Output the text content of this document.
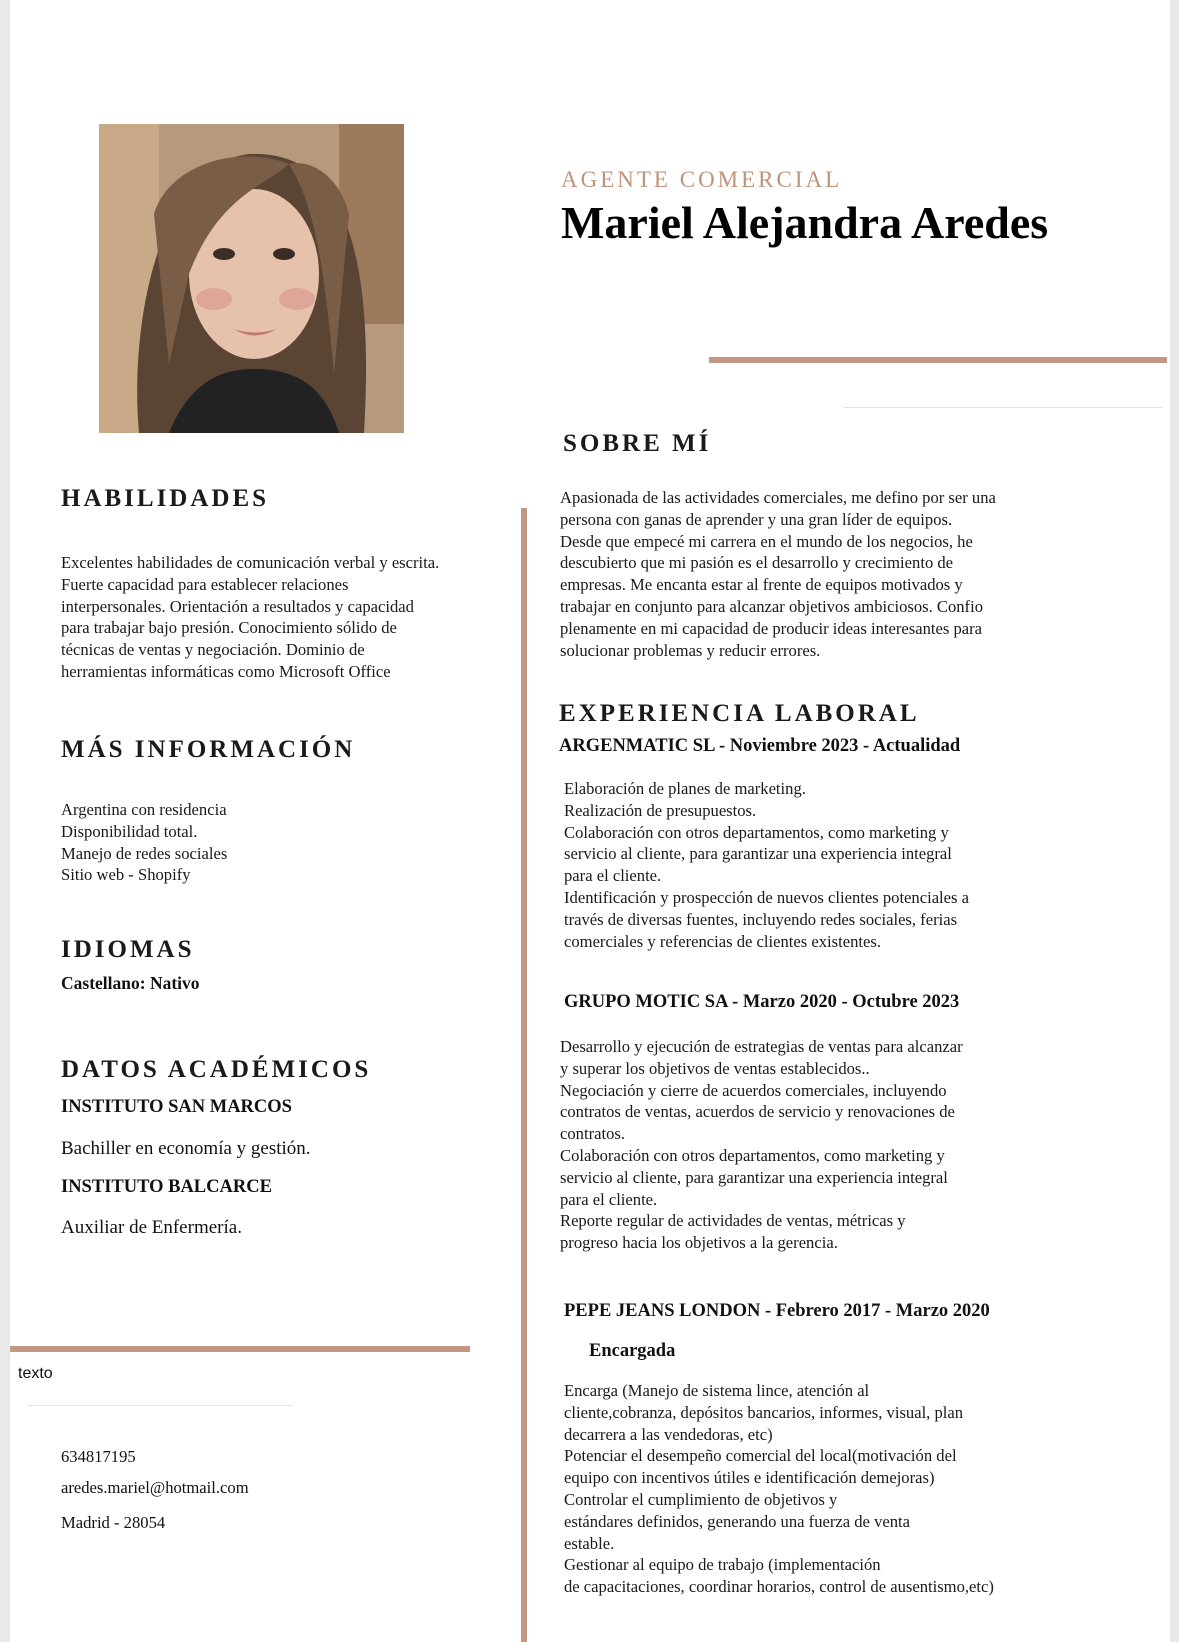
AGENTE COMERCIAL
Mariel Alejandra Aredes
HABILIDADES
Excelentes habilidades de comunicación verbal y escrita.
Fuerte capacidad para establecer relaciones
interpersonales. Orientación a resultados y capacidad
para trabajar bajo presión. Conocimiento sólido de
técnicas de ventas y negociación. Dominio de
herramientas informáticas como Microsoft Office
MÁS INFORMACIÓN
Argentina con residencia
Disponibilidad total.
Manejo de redes sociales
Sitio web - Shopify
IDIOMAS
Castellano: Nativo
DATOS ACADÉMICOS
INSTITUTO SAN MARCOS
Bachiller en economía y gestión.
INSTITUTO BALCARCE
Auxiliar de Enfermería.
texto
634817195
aredes.mariel@hotmail.com
Madrid - 28054
SOBRE MÍ
Apasionada de las actividades comerciales, me defino por ser una
persona con ganas de aprender y una gran líder de equipos.
Desde que empecé mi carrera en el mundo de los negocios, he
descubierto que mi pasión es el desarrollo y crecimiento de
empresas. Me encanta estar al frente de equipos motivados y
trabajar en conjunto para alcanzar objetivos ambiciosos. Confio
plenamente en mi capacidad de producir ideas interesantes para
solucionar problemas y reducir errores.
EXPERIENCIA LABORAL
ARGENMATIC SL - Noviembre 2023 - Actualidad
Elaboración de planes de marketing.
Realización de presupuestos.
Colaboración con otros departamentos, como marketing y
servicio al cliente, para garantizar una experiencia integral
para el cliente.
Identificación y prospección de nuevos clientes potenciales a
través de diversas fuentes, incluyendo redes sociales, ferias
comerciales y referencias de clientes existentes.
GRUPO MOTIC SA - Marzo 2020 - Octubre 2023
Desarrollo y ejecución de estrategias de ventas para alcanzar
y superar los objetivos de ventas establecidos..
Negociación y cierre de acuerdos comerciales, incluyendo
contratos de ventas, acuerdos de servicio y renovaciones de
contratos.
Colaboración con otros departamentos, como marketing y
servicio al cliente, para garantizar una experiencia integral
para el cliente.
Reporte regular de actividades de ventas, métricas y
progreso hacia los objetivos a la gerencia.
PEPE JEANS LONDON - Febrero 2017 - Marzo 2020
Encargada
Encarga (Manejo de sistema lince, atención al
cliente,cobranza, depósitos bancarios, informes, visual, plan
decarrera a las vendedoras, etc)
Potenciar el desempeño comercial del local(motivación del
equipo con incentivos útiles e identificación demejoras)
Controlar el cumplimiento de objetivos y
estándares definidos, generando una fuerza de venta
estable.
Gestionar al equipo de trabajo (implementación
de capacitaciones, coordinar horarios, control de ausentismo,etc)
